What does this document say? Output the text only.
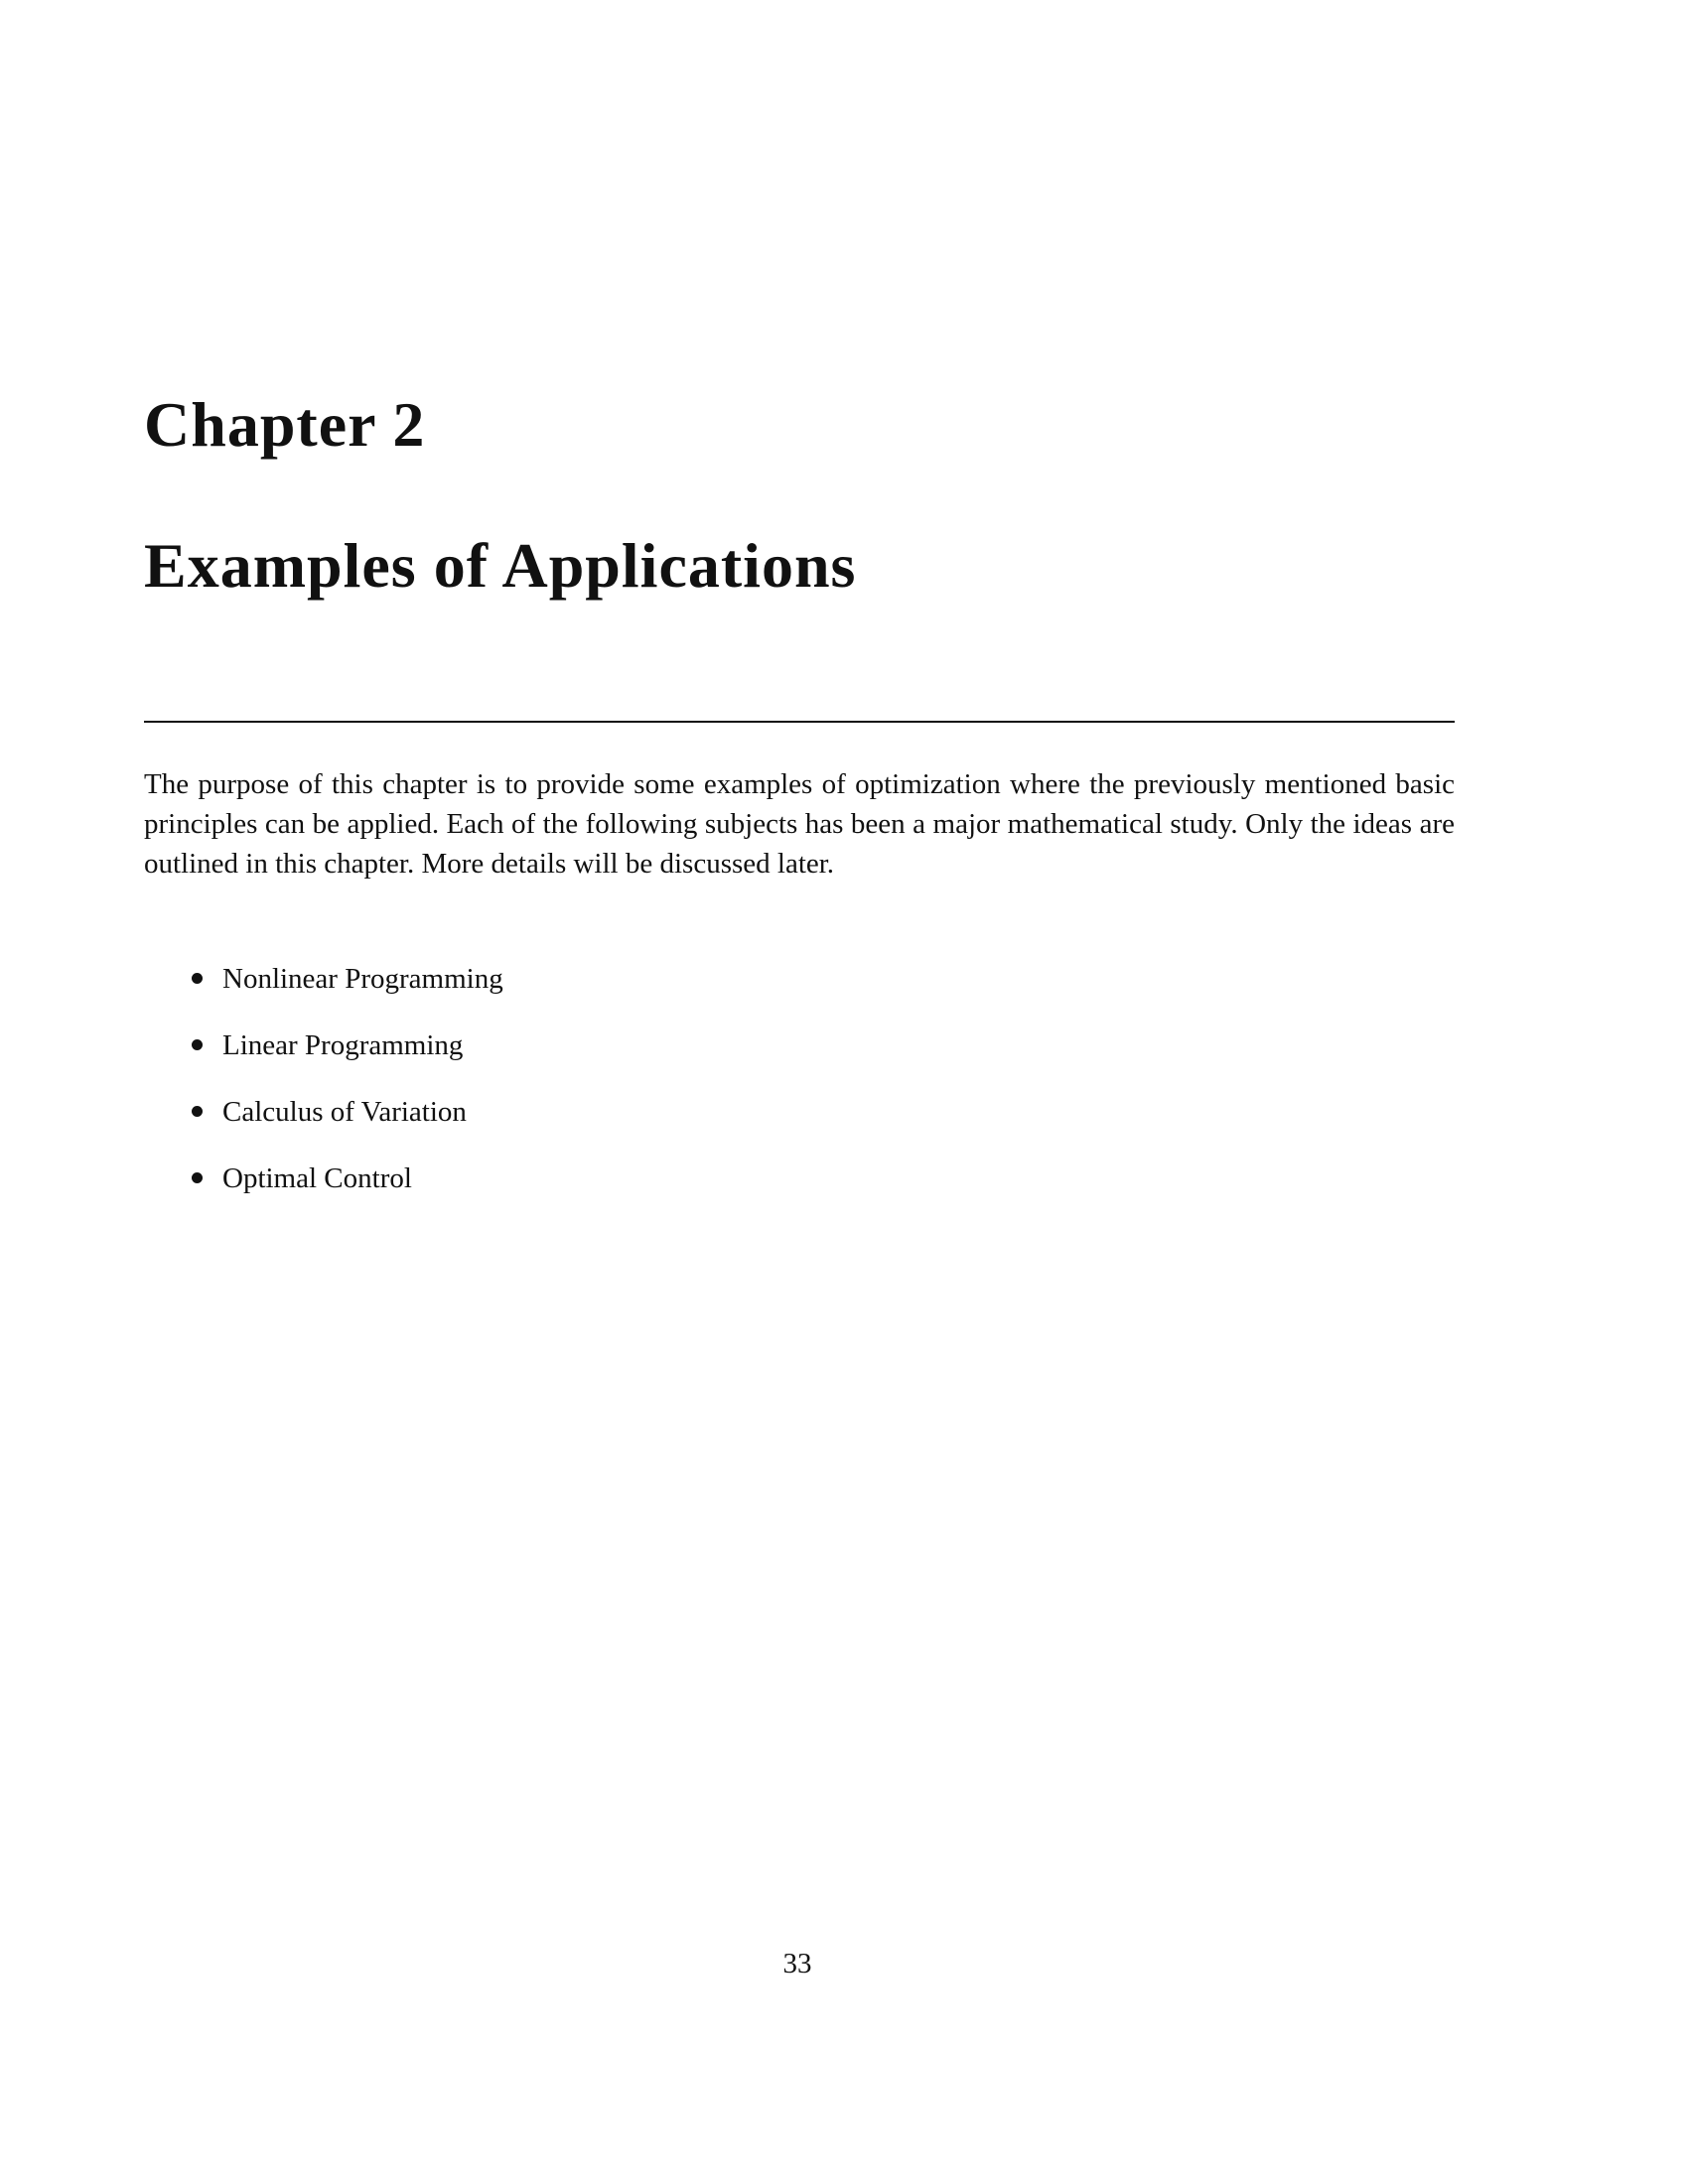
Chapter 2
Examples of Applications

The purpose of this chapter is to provide some examples of optimization where the previously mentioned basic principles can be applied. Each of the following subjects has been a major mathematical study. Only the ideas are outlined in this chapter. More details will be discussed later.

Nonlinear Programming
Linear Programming
Calculus of Variation
Optimal Control
33
